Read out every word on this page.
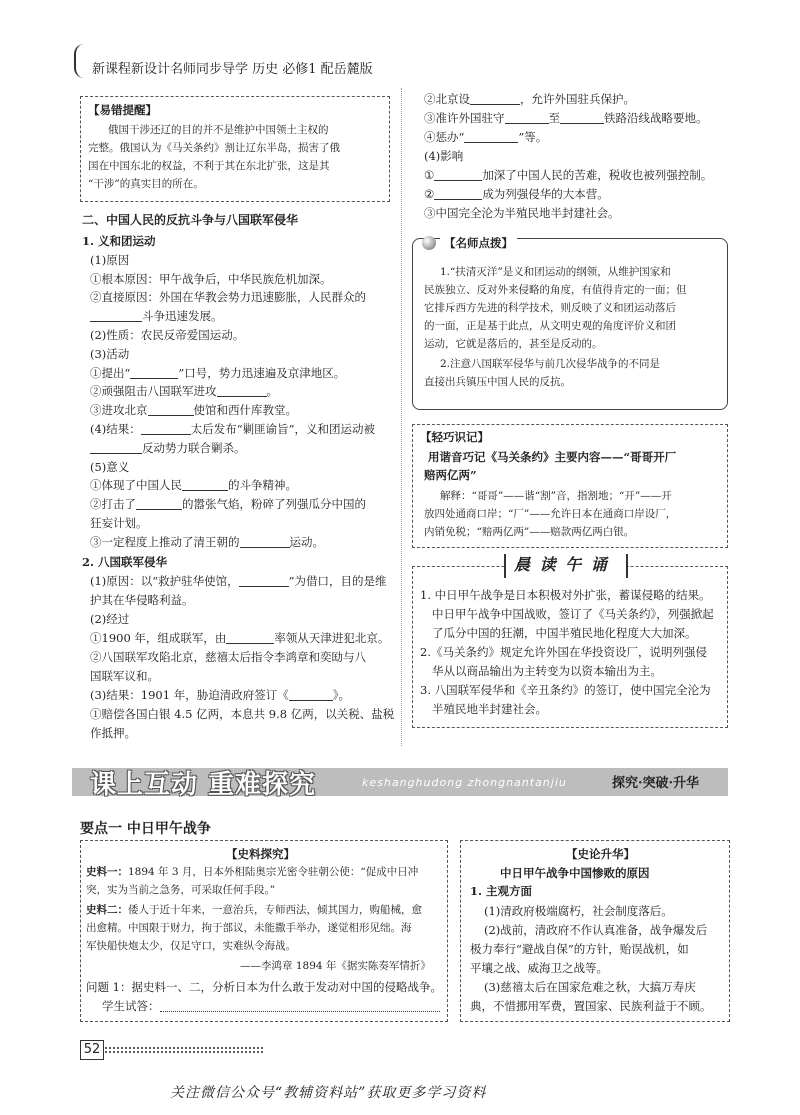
新课程新设计名师同步导学 历史 必修1 配岳麓版
【易错提醒】
俄国干涉还辽的目的并不是维护中国领土主权的
完整。俄国认为《马关条约》割让辽东半岛，损害了俄
国在中国东北的权益，不利于其在东北扩张，这是其
“干涉”的真实目的所在。
二、中国人民的反抗斗争与八国联军侵华
1. 义和团运动
(1)原因
①根本原因：甲午战争后，中华民族危机加深。
②直接原因：外国在华教会势力迅速膨胀，人民群众的
斗争迅速发展。
(2)性质：农民反帝爱国运动。
(3)活动
①提出“	”口号，势力迅速遍及京津地区。
②顽强阻击八国联军进攻	。
③进攻北京	使馆和西什库教堂。
(4)结果：	太后发布“剿匪谕旨”，义和团运动被
反动势力联合剿杀。
(5)意义
①体现了中国人民	的斗争精神。
②打击了	的嚣张气焰，粉碎了列强瓜分中国的
狂妄计划。
③一定程度上推动了清王朝的	运动。
2. 八国联军侵华
(1)原因：以“救护驻华使馆，	”为借口，目的是维
护其在华侵略利益。
(2)经过
①1900 年，组成联军，由	率领从天津进犯北京。
②八国联军攻陷北京，慈禧太后指令李鸿章和奕劻与八
国联军议和。
(3)结果：1901 年，胁迫清政府签订《	》。
①赔偿各国白银 4.5 亿两，本息共 9.8 亿两，以关税、盐税
作抵押。
②北京设	，允许外国驻兵保护。
③准许外国驻守	至	铁路沿线战略要地。
④惩办“	”等。
(4)影响
①	加深了中国人民的苦难，税收也被列强控制。
②	成为列强侵华的大本营。
③中国完全沦为半殖民地半封建社会。
【名师点拨】
1.“扶清灭洋”是义和团运动的纲领，从维护国家和
民族独立、反对外来侵略的角度，有值得肯定的一面；但
它排斥西方先进的科学技术，则反映了义和团运动落后
的一面，正是基于此点，从文明史观的角度评价义和团
运动，它就是落后的，甚至是反动的。
2.注意八国联军侵华与前几次侵华战争的不同是
直接出兵镇压中国人民的反抗。
【轻巧识记】
用谐音巧记《马关条约》主要内容——“哥哥开厂
赔两亿两”
解释：“哥哥”——谐“割”音，指割地；“开”——开
放四处通商口岸；“厂”——允许日本在通商口岸设厂，
内销免税；“赔两亿两”——赔款两亿两白银。
晨 读 午 诵
1. 中日甲午战争是日本积极对外扩张，蓄谋侵略的结果。
中日甲午战争中国战败，签订了《马关条约》，列强掀起
了瓜分中国的狂潮，中国半殖民地化程度大大加深。
2.《马关条约》规定允许外国在华投资设厂，说明列强侵
华从以商品输出为主转变为以资本输出为主。
3. 八国联军侵华和《辛丑条约》的签订，使中国完全沦为
半殖民地半封建社会。
课上互动 重难探究	keshanghudong zhongnantanjiu	探究·突破·升华
要点一 中日甲午战争
【史料探究】
史料一：1894 年 3 月，日本外相陆奥宗光密令驻朝公使：“促成中日冲
突，实为当前之急务，可采取任何手段。”
史料二：倭人于近十年来，一意治兵，专师西法，倾其国力，购船械，愈
出愈精。中国限于财力，拘于部议，未能撒手举办，遂觉相形见绌。海
军快船快炮太少，仅足守口，实难纵令海战。
——李鸿章 1894 年《据实陈奏军情折》
问题 1：据史料一、二，分析日本为什么敢于发动对中国的侵略战争。
学生试答：
【史论升华】
中日甲午战争中国惨败的原因
1. 主观方面
(1)清政府极端腐朽，社会制度落后。
(2)战前，清政府不作认真准备，战争爆发后
极力奉行“避战自保”的方针，贻误战机，如
平壤之战、威海卫之战等。
(3)慈禧太后在国家危难之秋，大搞万寿庆
典，不惜挪用军费，置国家、民族利益于不顾。
52
关注微信公众号“教辅资料站”获取更多学习资料
